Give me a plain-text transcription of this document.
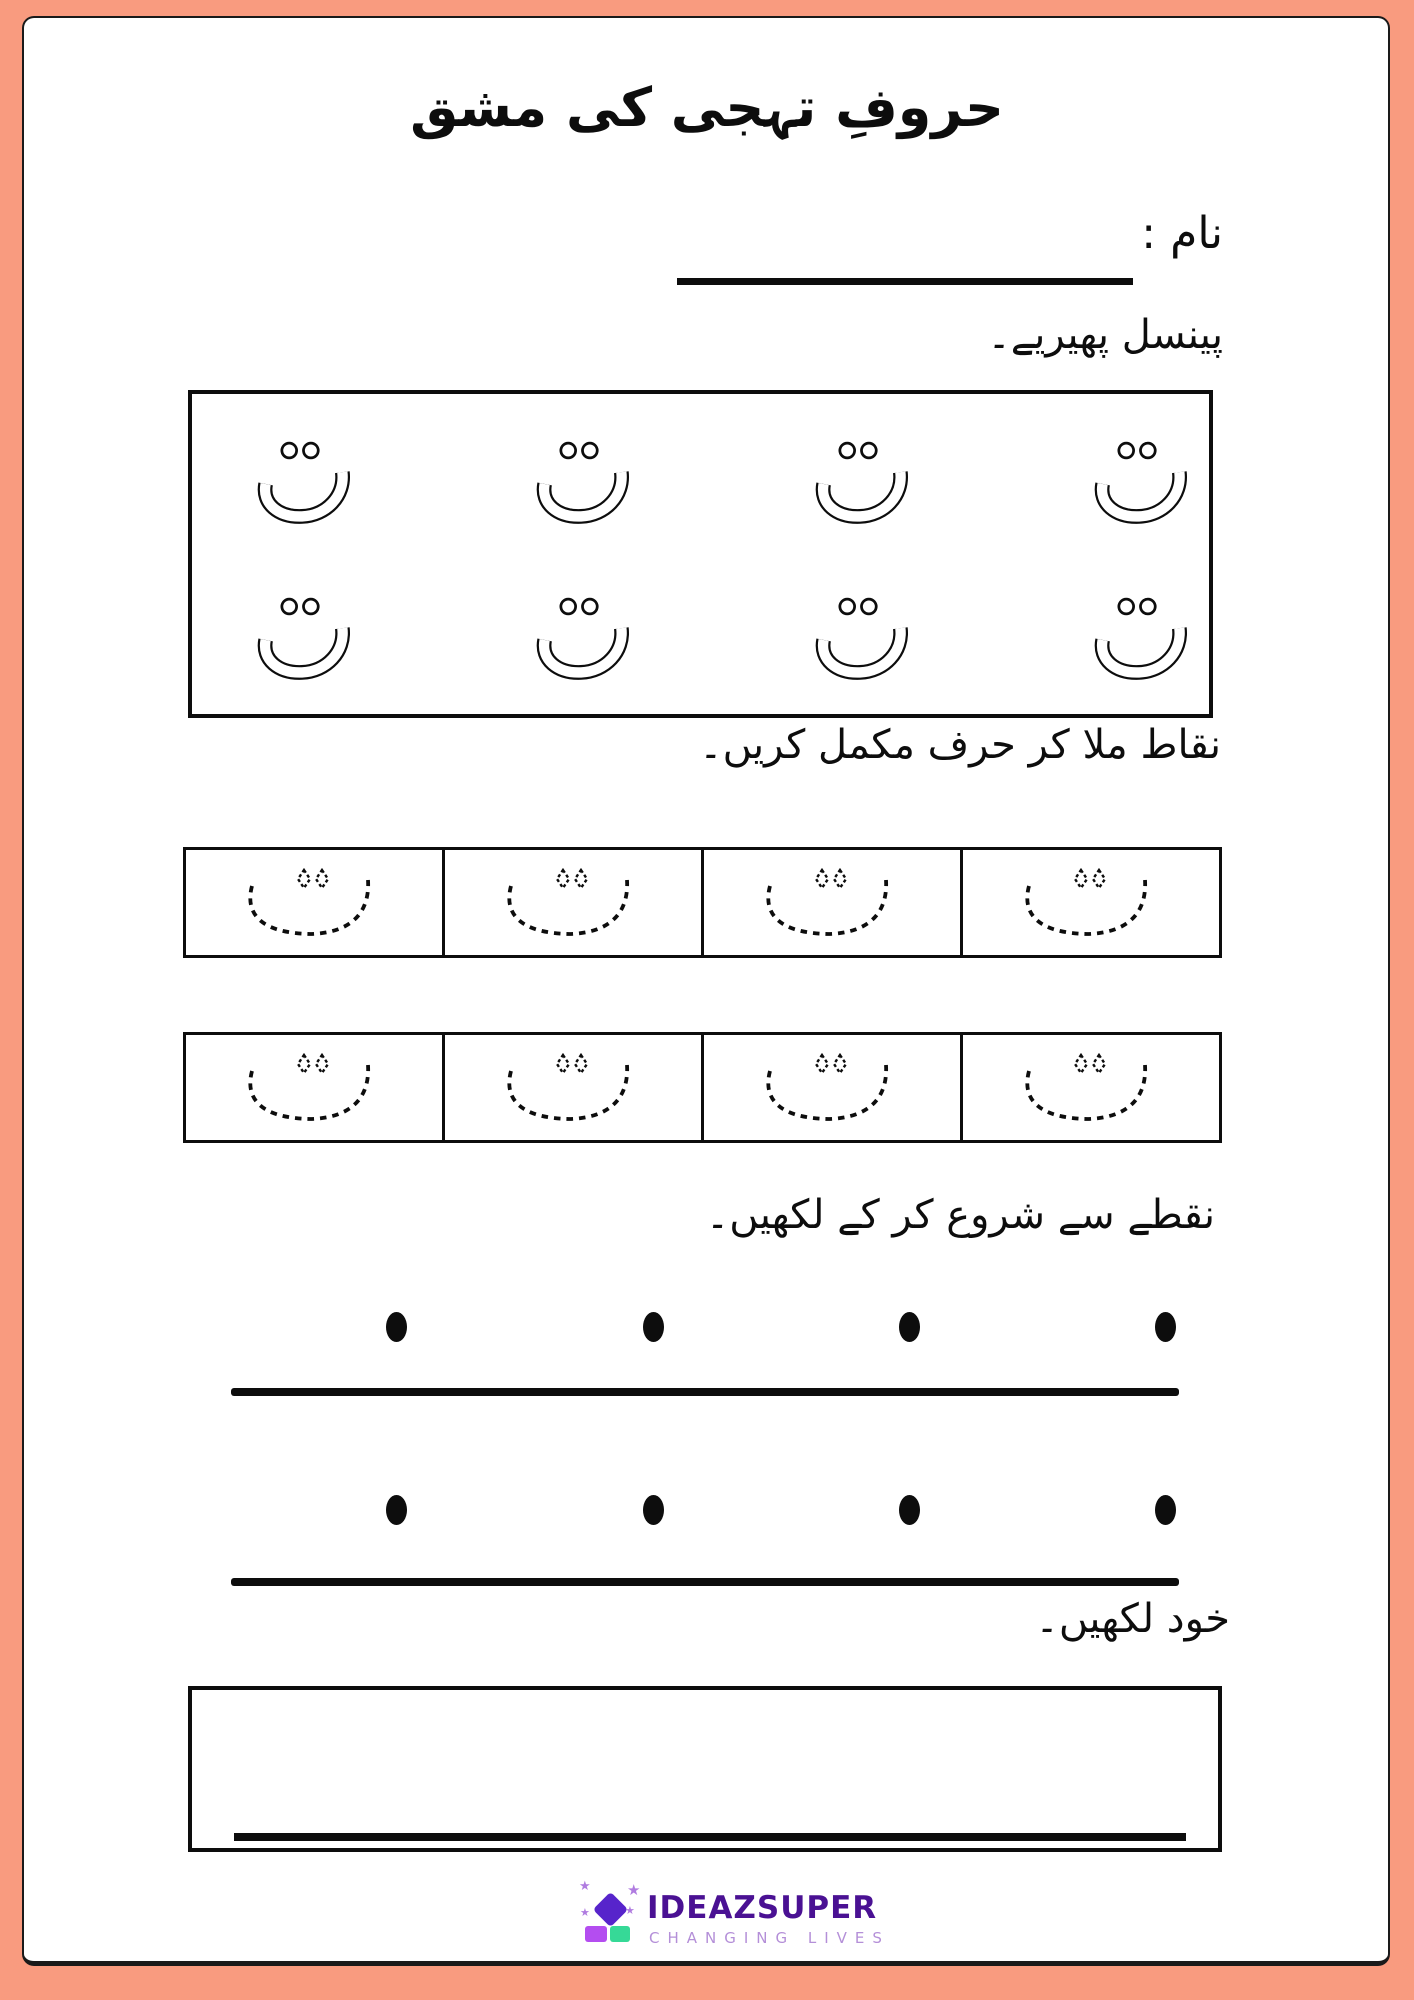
حروفِ تہجی کی مشق
نام :
پینسل پھیریے۔
نقاط ملا کر حرف مکمل کریں۔
نقطے سے شروع کر کے لکھیں۔
خود لکھیں۔
★ ★
★	★ IDEAZSUPER
CHANGING LIVES
